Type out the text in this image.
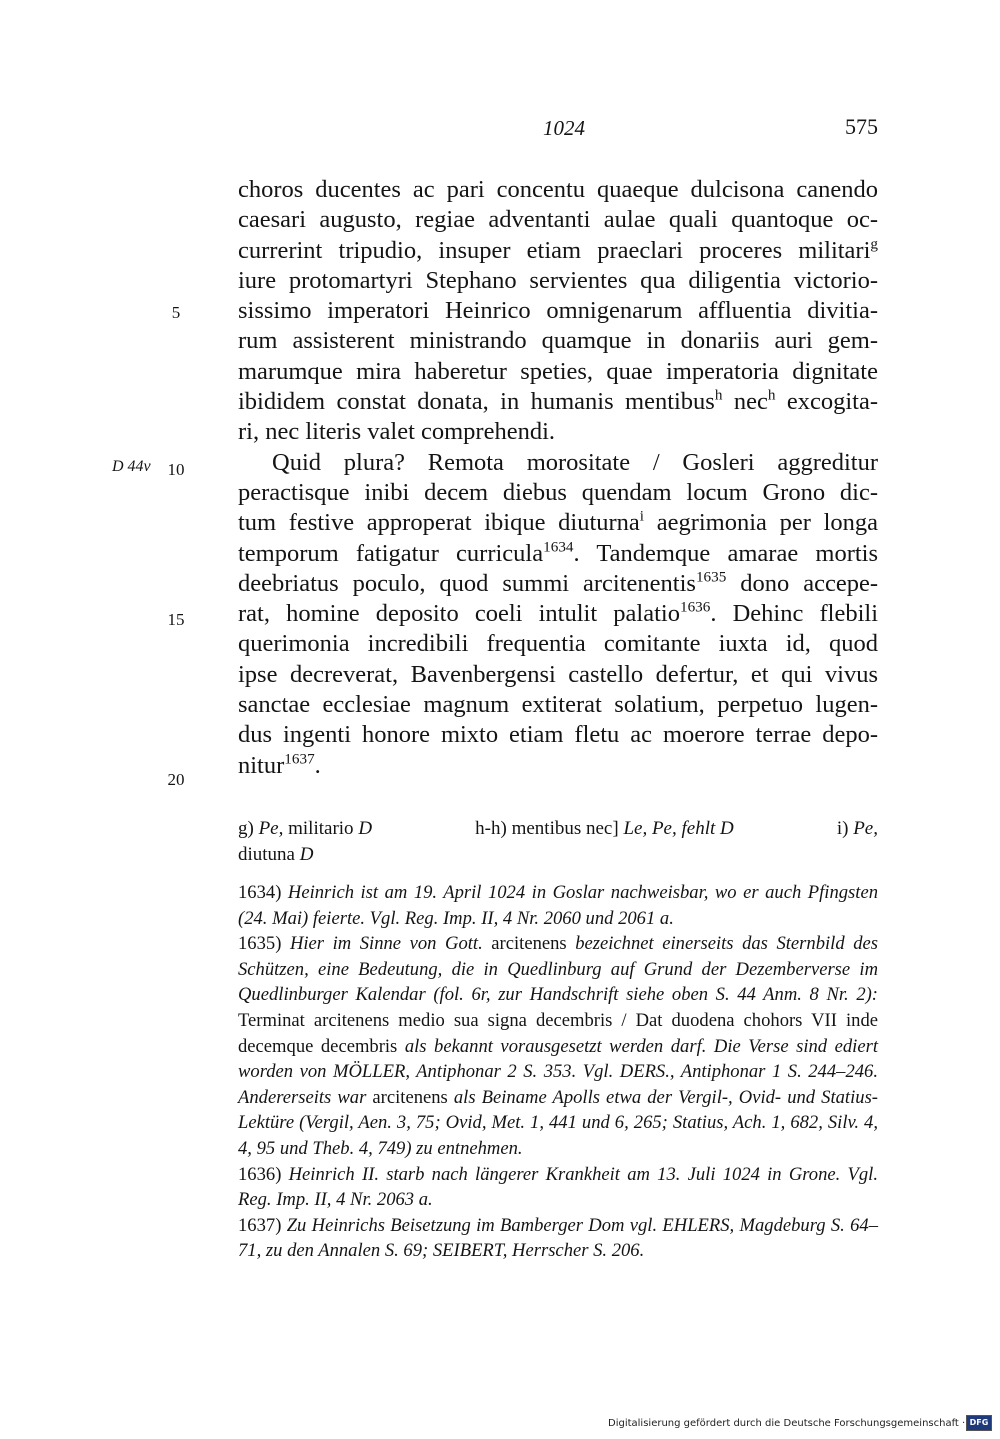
1024	575
D 44v
5
10
15
20
choros ducentes ac pari concentu quaeque dulcisona canendo
caesari augusto, regiae adventanti aulae quali quantoque oc-
currerint tripudio, insuper etiam praeclari proceres militari$^g$
iure protomartyri Stephano servientes qua diligentia victorio-
sissimo imperatori Heinrico omnigenarum affluentia divitia-
rum assisterent ministrando quamque in donariis auri gem-
marumque mira haberetur speties, quae imperatoria dignitate
ibididem constat donata, in humanis mentibus$^h$ nec$^h$ excogita-
ri, nec literis valet comprehendi.
Quid plura? Remota morositate / Gosleri aggreditur
peractisque inibi decem diebus quendam locum Grono dic-
tum festive approperat ibique diuturna$^i$ aegrimonia per longa
temporum fatigatur curricula$^{1634}$. Tandemque amarae mortis
deebriatus poculo, quod summi arcitenentis$^{1635}$ dono accepe-
rat, homine deposito coeli intulit palatio$^{1636}$. Dehinc flebili
querimonia incredibili frequentia comitante iuxta id, quod
ipse decreverat, Bavenbergensi castello defertur, et qui vivus
sanctae ecclesiae magnum extiterat solatium, perpetuo lugen-
dus ingenti honore mixto etiam fletu ac moerore terrae depo-
nitur$^{1637}$.
g) Pe, militario D	h-h) mentibus nec] Le, Pe, fehlt D	i) Pe,
diutuna D
1634) Heinrich ist am 19. April 1024 in Goslar nachweisbar, wo er auch Pfingsten (24. Mai) feierte. Vgl. Reg. Imp. II, 4 Nr. 2060 und 2061 a.
1635) Hier im Sinne von Gott. arcitenens bezeichnet einerseits das Sternbild des Schützen, eine Bedeutung, die in Quedlinburg auf Grund der Dezemberverse im Quedlinburger Kalendar (fol. 6r, zur Handschrift siehe oben S. 44 Anm. 8 Nr. 2): Terminat arcitenens medio sua signa decembris / Dat duodena chohors VII inde decemque decembris als bekannt vorausgesetzt werden darf. Die Verse sind ediert worden von MÖLLER, Antiphonar 2 S. 353. Vgl. DERS., Antiphonar 1 S. 244–246. Andererseits war arcitenens als Beiname Apolls etwa der Vergil-, Ovid- und Statius-Lektüre (Vergil, Aen. 3, 75; Ovid, Met. 1, 441 und 6, 265; Statius, Ach. 1, 682, Silv. 4, 4, 95 und Theb. 4, 749) zu entnehmen.
1636) Heinrich II. starb nach längerer Krankheit am 13. Juli 1024 in Grone. Vgl. Reg. Imp. II, 4 Nr. 2063 a.
1637) Zu Heinrichs Beisetzung im Bamberger Dom vgl. EHLERS, Magdeburg S. 64–71, zu den Annalen S. 69; SEIBERT, Herrscher S. 206.
Digitalisierung gefördert durch die Deutsche Forschungsgemeinschaft · DFG
